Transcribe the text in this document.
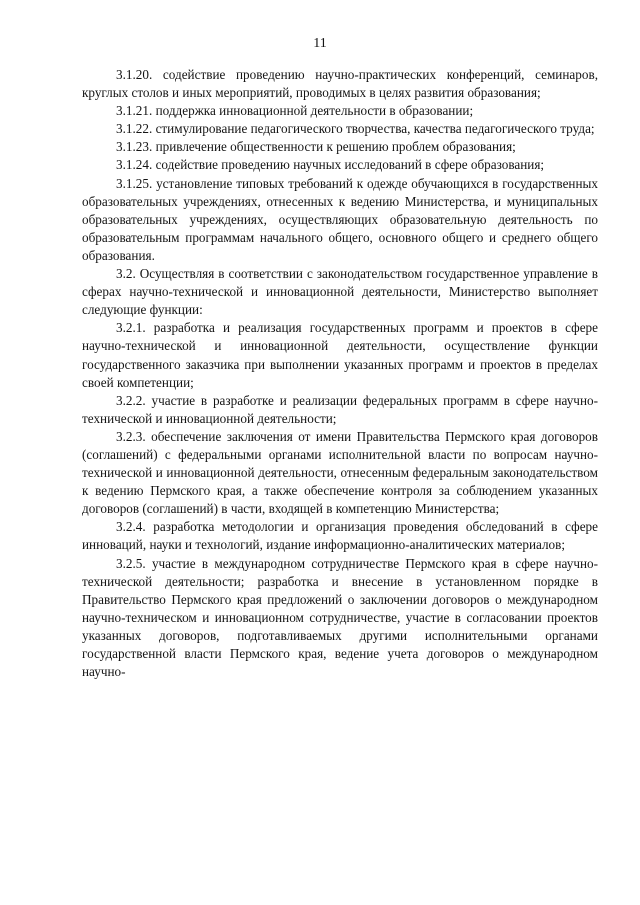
11

3.1.20. содействие проведению научно-практических конференций, семинаров, круглых столов и иных мероприятий, проводимых в целях развития образования;

3.1.21. поддержка инновационной деятельности в образовании;

3.1.22. стимулирование педагогического творчества, качества педагогического труда;

3.1.23. привлечение общественности к решению проблем образования;

3.1.24. содействие проведению научных исследований в сфере образования;

3.1.25. установление типовых требований к одежде обучающихся в государственных образовательных учреждениях, отнесенных к ведению Министерства, и муниципальных образовательных учреждениях, осуществляющих образовательную деятельность по образовательным программам начального общего, основного общего и среднего общего образования.

3.2. Осуществляя в соответствии с законодательством государственное управление в сферах научно-технической и инновационной деятельности, Министерство выполняет следующие функции:

3.2.1. разработка и реализация государственных программ и проектов в сфере научно-технической и инновационной деятельности, осуществление функции государственного заказчика при выполнении указанных программ и проектов в пределах своей компетенции;

3.2.2. участие в разработке и реализации федеральных программ в сфере научно-технической и инновационной деятельности;

3.2.3. обеспечение заключения от имени Правительства Пермского края договоров (соглашений) с федеральными органами исполнительной власти по вопросам научно-технической и инновационной деятельности, отнесенным федеральным законодательством к ведению Пермского края, а также обеспечение контроля за соблюдением указанных договоров (соглашений) в части, входящей в компетенцию Министерства;

3.2.4. разработка методологии и организация проведения обследований в сфере инноваций, науки и технологий, издание информационно-аналитических материалов;

3.2.5. участие в международном сотрудничестве Пермского края в сфере научно-технической деятельности; разработка и внесение в установленном порядке в Правительство Пермского края предложений о заключении договоров о международном научно-техническом и инновационном сотрудничестве, участие в согласовании проектов указанных договоров, подготавливаемых другими исполнительными органами государственной власти Пермского края, ведение учета договоров о международном научно-
